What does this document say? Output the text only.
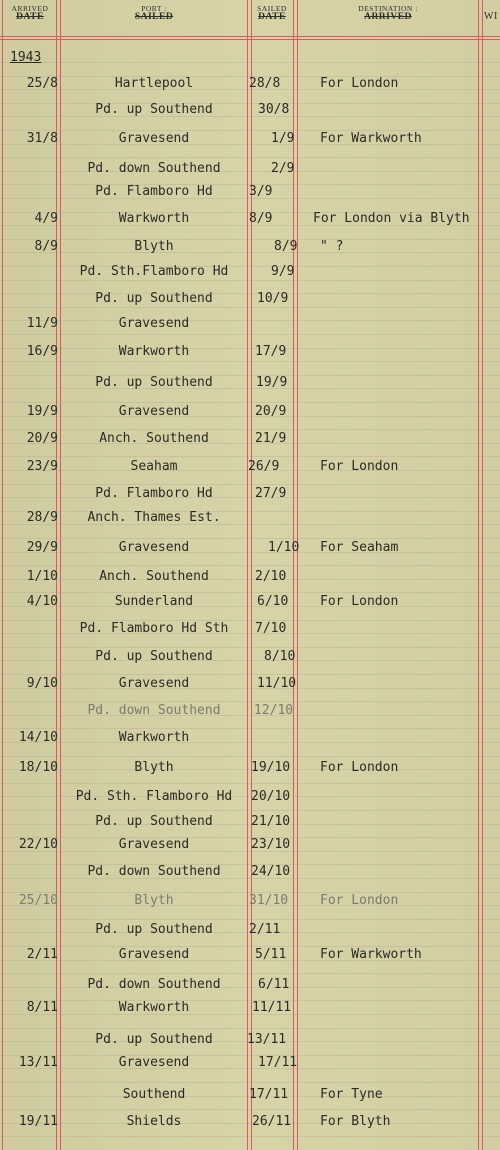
ARRIVED
DATE
PORT :
SAILED
SAILED
DATE
DESTINATION :
ARRIVED	WI
1943
25/8	Hartlepool	28/8	For London
Pd. up Southend	30/8
31/8	Gravesend	1/9 For Warkworth
Pd. down Southend	2/9
Pd. Flamboro Hd	3/9
4/9	Warkworth	8/9	For London via Blyth
8/9	Blyth	8/9 " ?
Pd. Sth.Flamboro Hd	9/9
Pd. up Southend	10/9
11/9	Gravesend
16/9	Warkworth	17/9
Pd. up Southend	19/9
19/9	Gravesend	20/9
20/9	Anch. Southend	21/9
23/9	Seaham	26/9	For London
Pd. Flamboro Hd	27/9
28/9	Anch. Thames Est.
29/9	Gravesend	1/10 For Seaham
1/10	Anch. Southend	2/10
4/10	Sunderland	6/10 For London
Pd. Flamboro Hd Sth	7/10
Pd. up Southend	8/10
9/10	Gravesend	11/10
Pd. down Southend	12/10
14/10	Warkworth
18/10	Blyth	19/10 For London
Pd. Sth. Flamboro Hd	20/10
Pd. up Southend	21/10
22/10	Gravesend	23/10
Pd. down Southend	24/10
25/10	Blyth	31/10 For London
Pd. up Southend	2/11
2/11	Gravesend	5/11	For Warkworth
Pd. down Southend	6/11
8/11	Warkworth	11/11
Pd. up Southend	13/11
13/11	Gravesend	17/11
Southend	17/11 For Tyne
19/11	Shields	26/11 For Blyth
